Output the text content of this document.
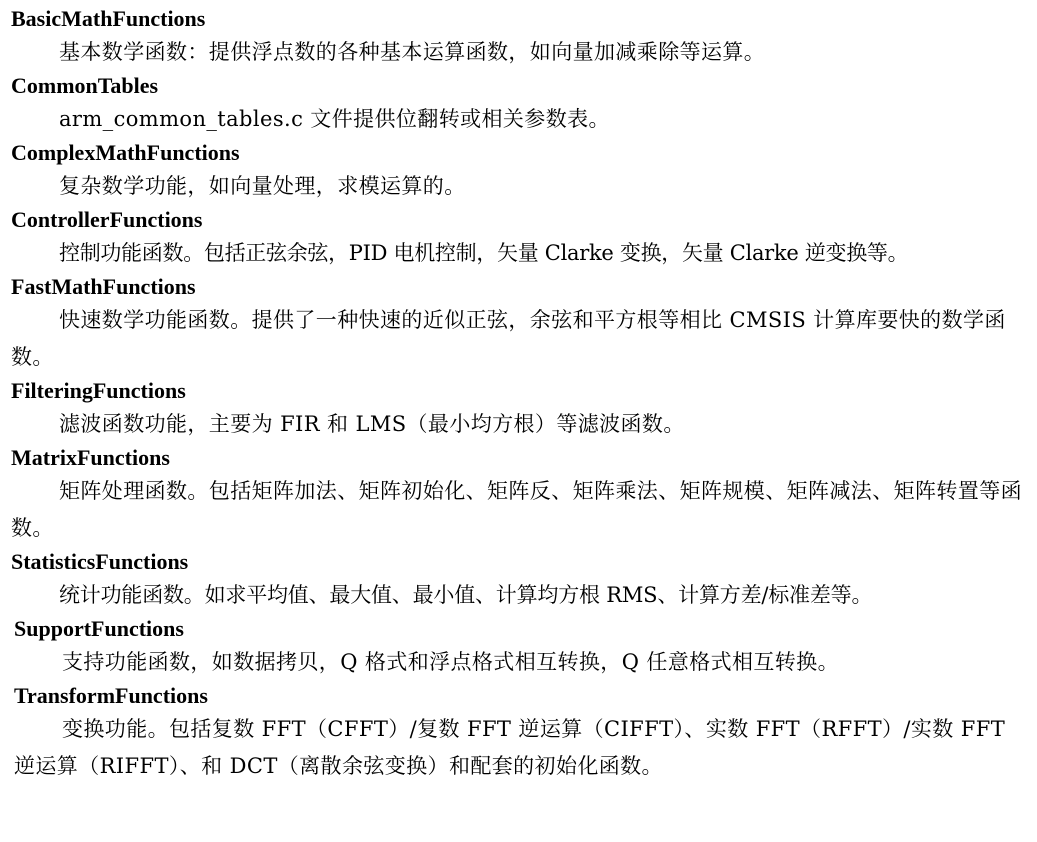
BasicMathFunctions

基本数学函数：提供浮点数的各种基本运算函数，如向量加减乘除等运算。

CommonTables

arm_common_tables.c 文件提供位翻转或相关参数表。

ComplexMathFunctions

复杂数学功能，如向量处理，求模运算的。

ControllerFunctions

控制功能函数。包括正弦余弦，PID 电机控制，矢量 Clarke 变换，矢量 Clarke 逆变换等。

FastMathFunctions

快速数学功能函数。提供了一种快速的近似正弦，余弦和平方根等相比 CMSIS 计算库要快的数学函数。

FilteringFunctions

滤波函数功能，主要为 FIR 和 LMS（最小均方根）等滤波函数。

MatrixFunctions

矩阵处理函数。包括矩阵加法、矩阵初始化、矩阵反、矩阵乘法、矩阵规模、矩阵减法、矩阵转置等函数。

StatisticsFunctions

统计功能函数。如求平均值、最大值、最小值、计算均方根 RMS、计算方差/标准差等。

SupportFunctions

支持功能函数，如数据拷贝，Q 格式和浮点格式相互转换，Q 任意格式相互转换。

TransformFunctions

变换功能。包括复数 FFT（CFFT）/复数 FFT 逆运算（CIFFT）、实数 FFT（RFFT）/实数 FFT 逆运算（RIFFT）、和 DCT（离散余弦变换）和配套的初始化函数。
